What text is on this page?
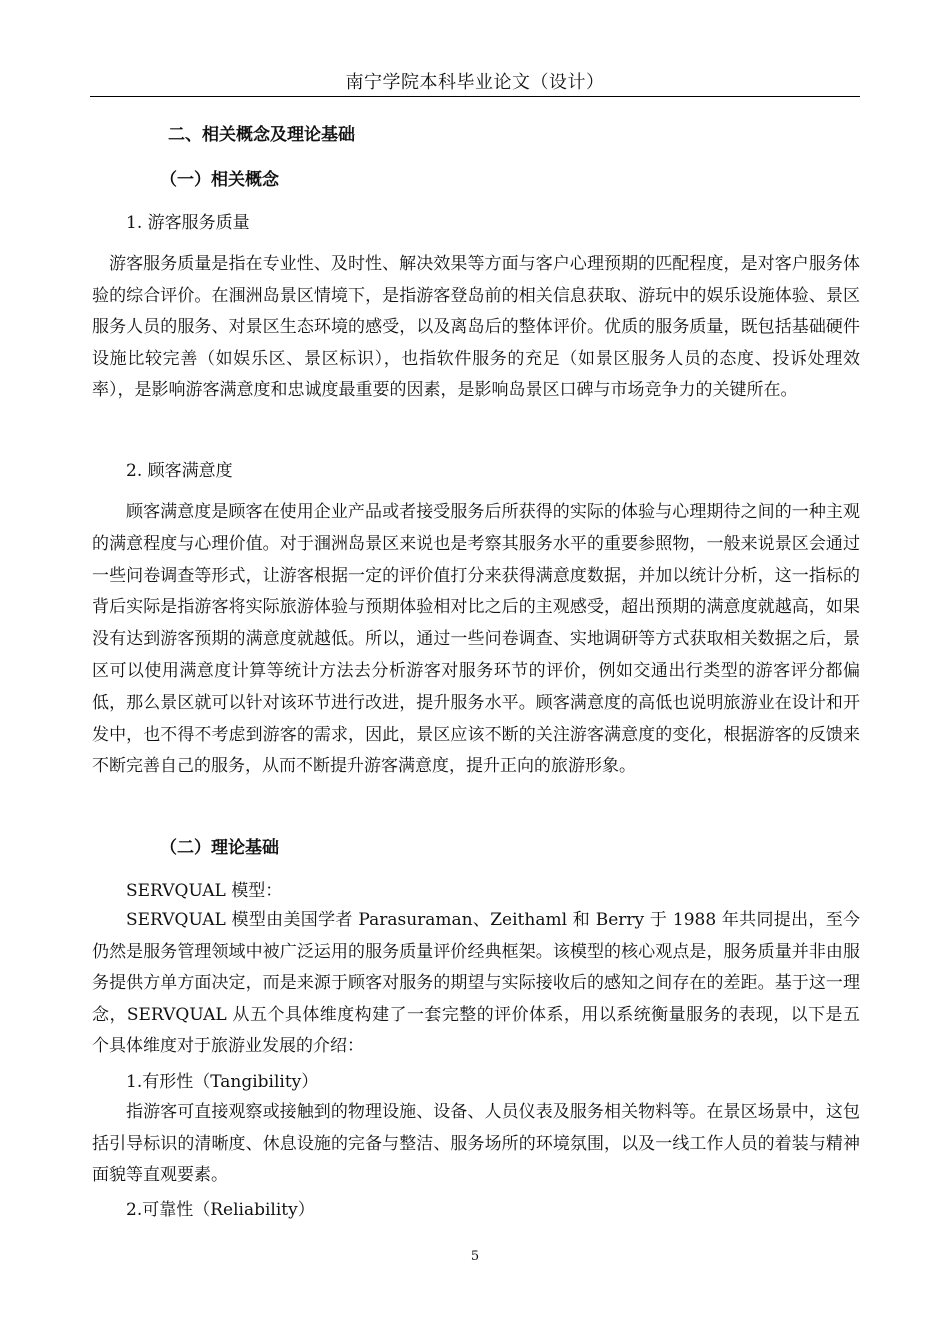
南宁学院本科毕业论文（设计）
二、相关概念及理论基础
（一）相关概念
1. 游客服务质量

游客服务质量是指在专业性、及时性、解决效果等方面与客户心理预期的匹配程度，是对客户服务体验的综合评价。在涠洲岛景区情境下，是指游客登岛前的相关信息获取、游玩中的娱乐设施体验、景区服务人员的服务、对景区生态环境的感受，以及离岛后的整体评价。优质的服务质量，既包括基础硬件设施比较完善（如娱乐区、景区标识），也指软件服务的充足（如景区服务人员的态度、投诉处理效率），是影响游客满意度和忠诚度最重要的因素，是影响岛景区口碑与市场竞争力的关键所在。

2. 顾客满意度

顾客满意度是顾客在使用企业产品或者接受服务后所获得的实际的体验与心理期待之间的一种主观的满意程度与心理价值。对于涠洲岛景区来说也是考察其服务水平的重要参照物，一般来说景区会通过一些问卷调查等形式，让游客根据一定的评价值打分来获得满意度数据，并加以统计分析，这一指标的背后实际是指游客将实际旅游体验与预期体验相对比之后的主观感受，超出预期的满意度就越高，如果没有达到游客预期的满意度就越低。所以，通过一些问卷调查、实地调研等方式获取相关数据之后，景区可以使用满意度计算等统计方法去分析游客对服务环节的评价，例如交通出行类型的游客评分都偏低，那么景区就可以针对该环节进行改进，提升服务水平。顾客满意度的高低也说明旅游业在设计和开发中，也不得不考虑到游客的需求，因此，景区应该不断的关注游客满意度的变化，根据游客的反馈来不断完善自己的服务，从而不断提升游客满意度，提升正向的旅游形象。

（二）理论基础
SERVQUAL 模型：

SERVQUAL 模型由美国学者 Parasuraman、Zeithaml 和 Berry 于 1988 年共同提出，至今仍然是服务管理领域中被广泛运用的服务质量评价经典框架。该模型的核心观点是，服务质量并非由服务提供方单方面决定，而是来源于顾客对服务的期望与实际接收后的感知之间存在的差距。基于这一理念，SERVQUAL 从五个具体维度构建了一套完整的评价体系，用以系统衡量服务的表现，以下是五个具体维度对于旅游业发展的介绍：

1.有形性（Tangibility）

指游客可直接观察或接触到的物理设施、设备、人员仪表及服务相关物料等。在景区场景中，这包括引导标识的清晰度、休息设施的完备与整洁、服务场所的环境氛围，以及一线工作人员的着装与精神面貌等直观要素。

2.可靠性（Reliability）
5
